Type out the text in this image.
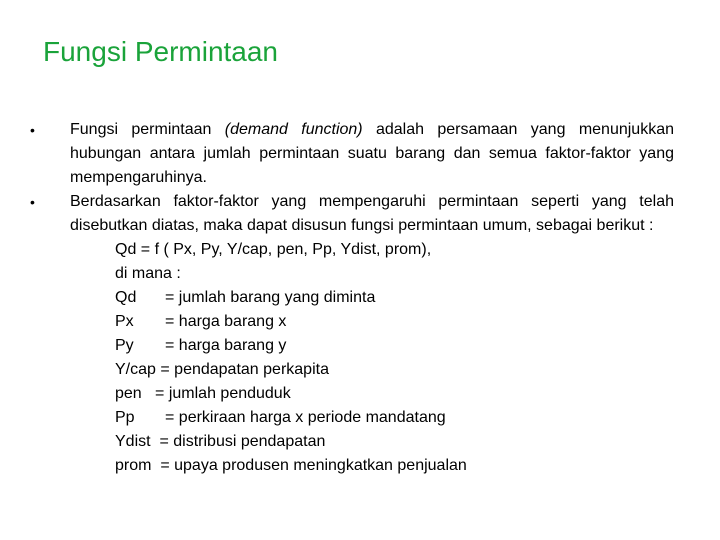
Fungsi Permintaan
•	Fungsi permintaan (demand function) adalah persamaan yang menunjukkan hubungan antara jumlah permintaan suatu barang dan semua faktor-faktor yang mempengaruhinya.
•	Berdasarkan faktor-faktor yang mempengaruhi permintaan seperti yang telah disebutkan diatas, maka dapat disusun fungsi permintaan umum, sebagai berikut :
Qd = f ( Px, Py, Y/cap, pen, Pp, Ydist, prom),
di mana :
Qd = jumlah barang yang diminta
Px = harga barang x
Py = harga barang y
Y/cap = pendapatan perkapita
pen = jumlah penduduk
Pp = perkiraan harga x periode mandatang
Ydist = distribusi pendapatan
prom = upaya produsen meningkatkan penjualan
